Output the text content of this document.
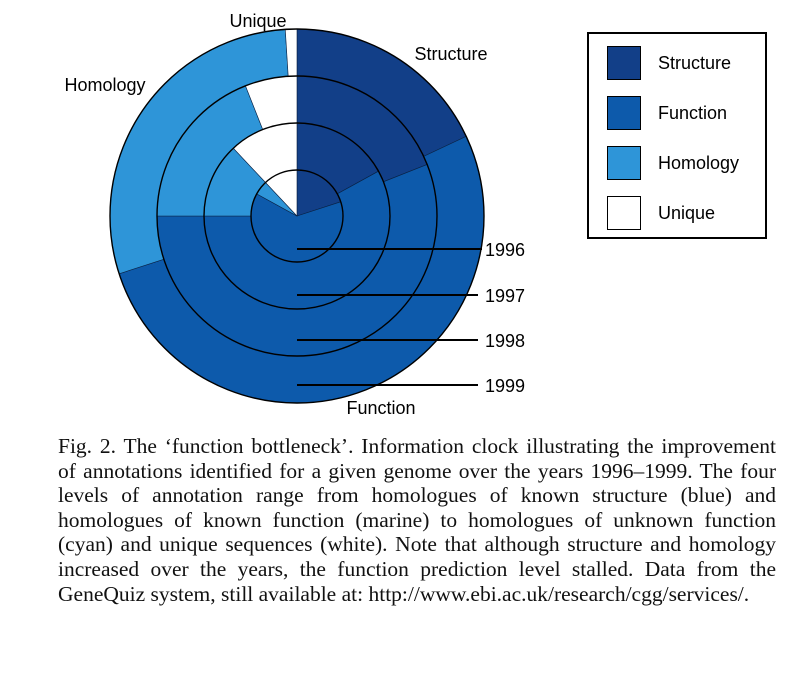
Unique
Structure
Homology
Function
1996
1997
1998
1999
Structure
Function
Homology
Unique

Fig. 2. The ‘function bottleneck’. Information clock illustrating the improvement of annotations identified for a given genome over the years 1996–1999. The four levels of annotation range from homologues of known structure (blue) and homologues of known function (marine) to homologues of unknown function (cyan) and unique sequences (white). Note that although structure and homology increased over the years, the function prediction level stalled. Data from the GeneQuiz system, still available at: http://www.ebi.ac.uk/research/cgg/services/.
